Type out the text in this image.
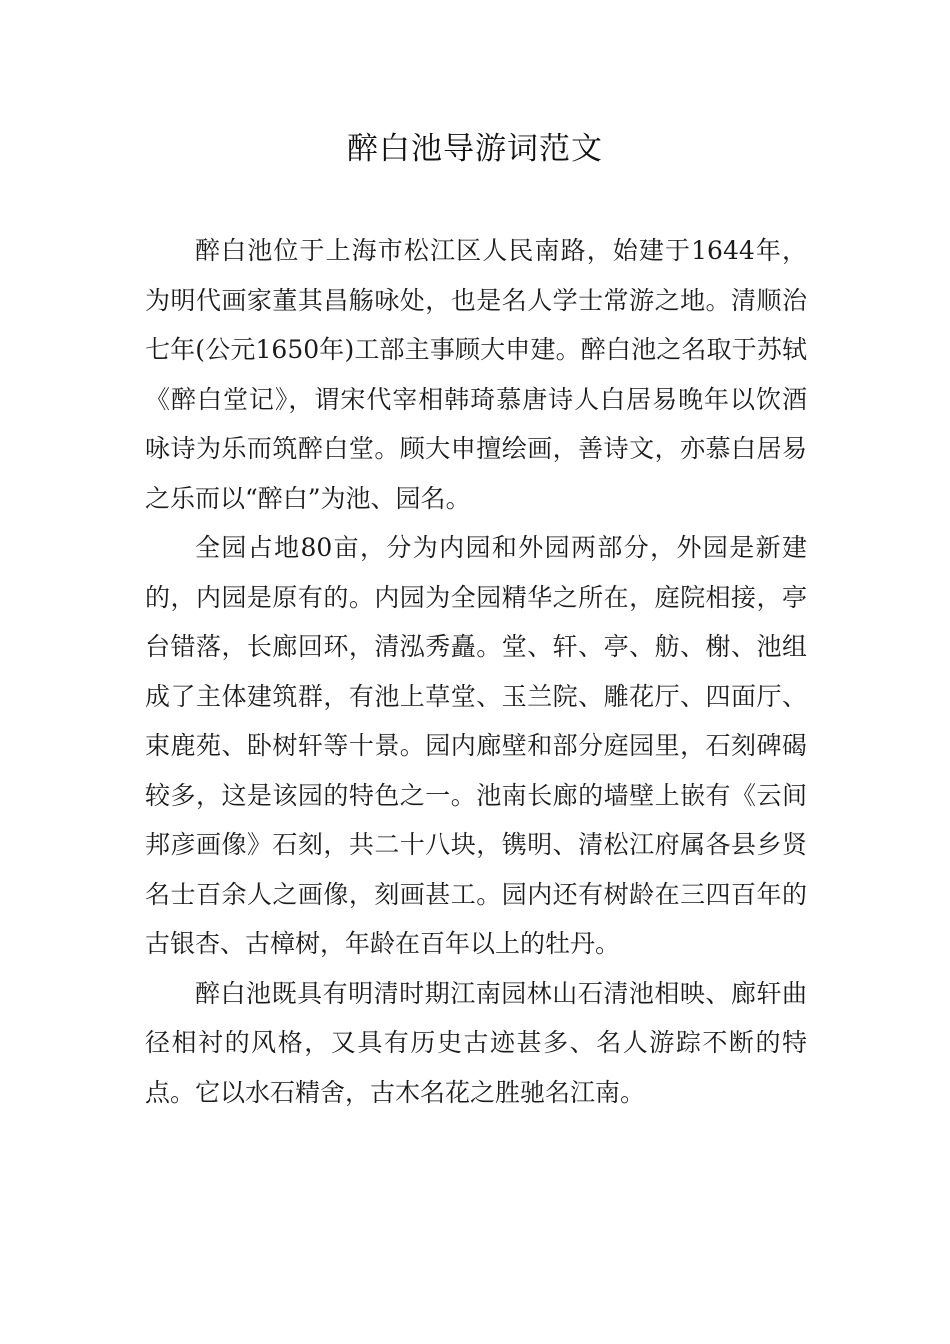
醉白池导游词范文

醉白池位于上海市松江区人民南路，始建于1644年，为明代画家董其昌觞咏处，也是名人学士常游之地。清顺治七年(公元1650年)工部主事顾大申建。醉白池之名取于苏轼《醉白堂记》，谓宋代宰相韩琦慕唐诗人白居易晚年以饮酒咏诗为乐而筑醉白堂。顾大申擅绘画，善诗文，亦慕白居易之乐而以“醉白”为池、园名。

全园占地80亩，分为内园和外园两部分，外园是新建的，内园是原有的。内园为全园精华之所在，庭院相接，亭台错落，长廊回环，清泓秀矗。堂、轩、亭、舫、榭、池组成了主体建筑群，有池上草堂、玉兰院、雕花厅、四面厅、束鹿苑、卧树轩等十景。园内廊壁和部分庭园里，石刻碑碣较多，这是该园的特色之一。池南长廊的墙壁上嵌有《云间邦彦画像》石刻，共二十八块，镌明、清松江府属各县乡贤名士百余人之画像，刻画甚工。园内还有树龄在三四百年的古银杏、古樟树，年龄在百年以上的牡丹。

醉白池既具有明清时期江南园林山石清池相映、廊轩曲径相衬的风格，又具有历史古迹甚多、名人游踪不断的特点。它以水石精舍，古木名花之胜驰名江南。
